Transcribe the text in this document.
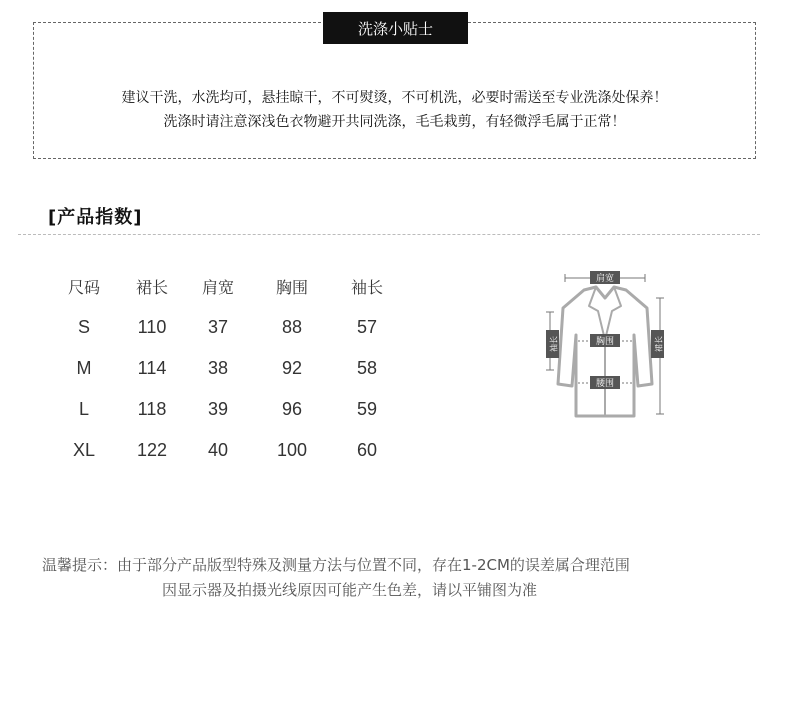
洗涤小贴士
建议干洗，水洗均可，悬挂晾干，不可熨烫，不可机洗，必要时需送至专业洗涤处保养！
洗涤时请注意深浅色衣物避开共同洗涤，毛毛栽剪，有轻微浮毛属于正常！
[产品指数]
尺码	裙长	肩宽	胸围	袖长
S	110	37	88	57
M	114	38	92	58
L	118	39	96	59
XL	122	40	100	60
肩宽
胸围
腰围
袖长	裙长
温馨提示：由于部分产品版型特殊及测量方法与位置不同，存在1-2CM的误差属合理范围
因显示器及拍摄光线原因可能产生色差，请以平铺图为准
